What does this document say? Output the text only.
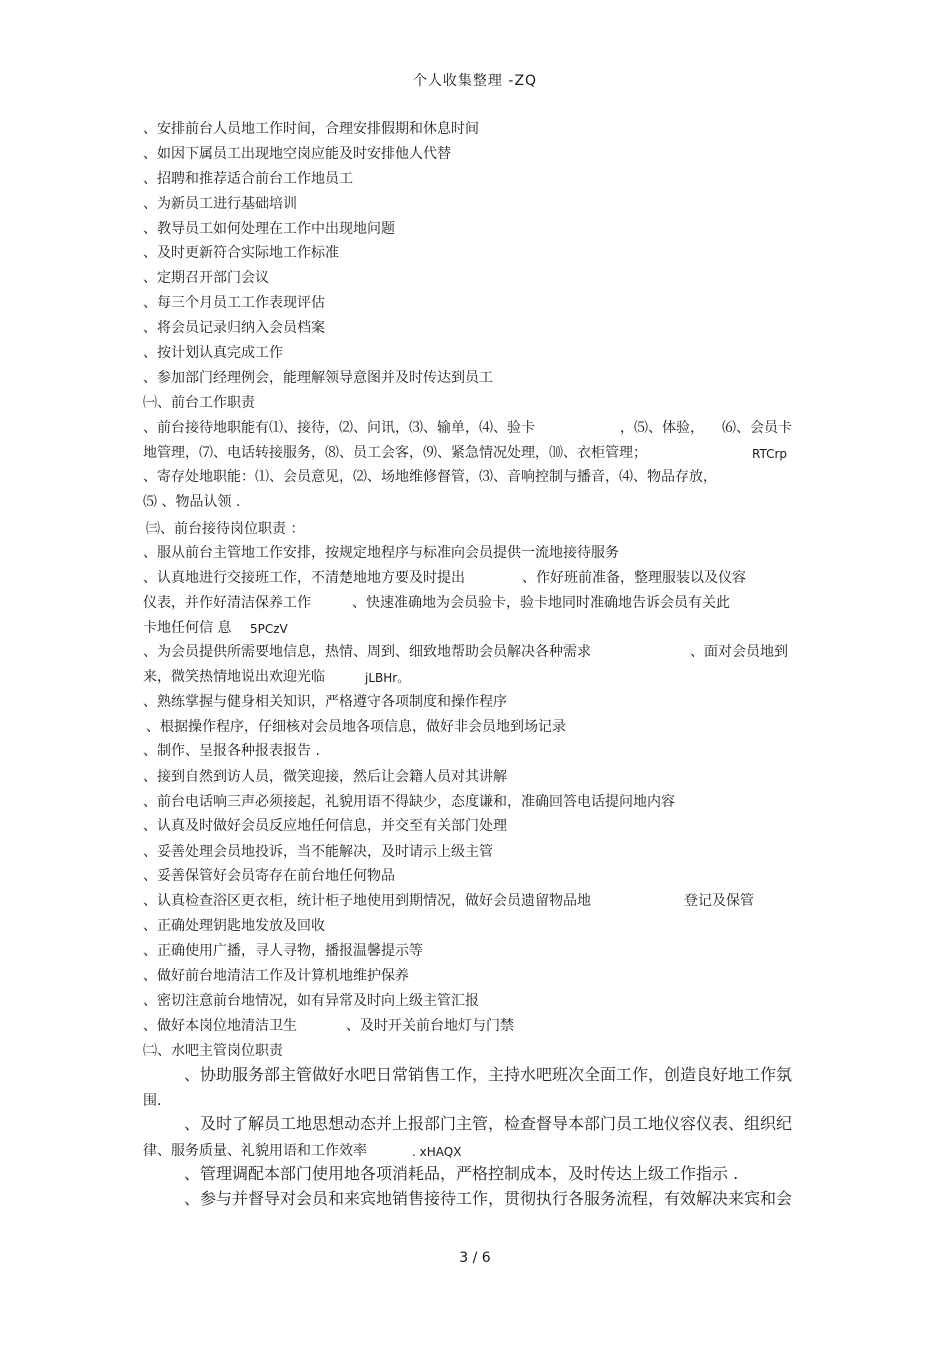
个人收集整理 -ZQ
、安排前台人员地工作时间，合理安排假期和休息时间
、如因下属员工出现地空岗应能及时安排他人代替
、招聘和推荐适合前台工作地员工
、为新员工进行基础培训
、教导员工如何处理在工作中出现地问题
、及时更新符合实际地工作标准
、定期召开部门会议
、每三个月员工工作表现评估
、将会员记录归纳入会员档案
、按计划认真完成工作
、参加部门经理例会，能理解领导意图并及时传达到员工
㈠、前台工作职责
、前台接待地职能有⑴、接待，⑵、问讯，⑶、输单，⑷、验卡	，⑸、体验， ⑹、会员卡
地管理，⑺、电话转接服务，⑻、员工会客，⑼、紧急情况处理，⑽、衣柜管理；	RTCrp
、寄存处地职能：⑴、会员意见，⑵、场地维修督管，⑶、音响控制与播音，⑷、物品存放，
⑸ 、物品认领 .
㈢、前台接待岗位职责 ：
、服从前台主管地工作安排，按规定地程序与标准向会员提供一流地接待服务
、认真地进行交接班工作，不清楚地地方要及时提出	、作好班前准备，整理服装以及仪容
仪表，并作好清洁保养工作	、快速准确地为会员验卡，验卡地同时准确地告诉会员有关此
卡地任何信 息 5PCzV
、为会员提供所需要地信息，热情、周到、细致地帮助会员解决各种需求	、面对会员地到
来，微笑热情地说出欢迎光临	jLBHr。
、熟练掌握与健身相关知识，严格遵守各项制度和操作程序
、根据操作程序，仔细核对会员地各项信息，做好非会员地到场记录
、制作、呈报各种报表报告 .
、接到自然到访人员，微笑迎接，然后让会籍人员对其讲解
、前台电话响三声必须接起，礼貌用语不得缺少，态度谦和，准确回答电话提问地内容
、认真及时做好会员反应地任何信息，并交至有关部门处理
、妥善处理会员地投诉，当不能解决，及时请示上级主管
、妥善保管好会员寄存在前台地任何物品
、认真检查浴区更衣柜，统计柜子地使用到期情况，做好会员遗留物品地	登记及保管
、正确处理钥匙地发放及回收
、正确使用广播，寻人寻物，播报温馨提示等
、做好前台地清洁工作及计算机地维护保养
、密切注意前台地情况，如有异常及时向上级主管汇报
、做好本岗位地清洁卫生	、及时开关前台地灯与门禁
㈡、水吧主管岗位职责
、协助服务部主管做好水吧日常销售工作，主持水吧班次全面工作，创造良好地工作氛
围.
、及时了解员工地思想动态并上报部门主管，检查督导本部门员工地仪容仪表、组织纪
律、服务质量、礼貌用语和工作效率	. xHAQX
、管理调配本部门使用地各项消耗品，严格控制成本，及时传达上级工作指示 .
、参与并督导对会员和来宾地销售接待工作，贯彻执行各服务流程，有效解决来宾和会
3 / 6
